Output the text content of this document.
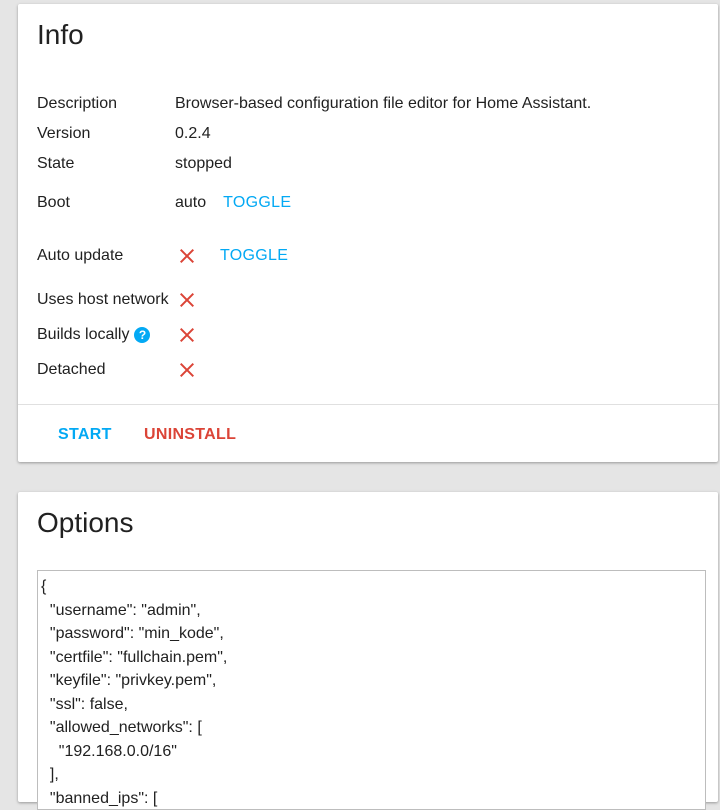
Info
Description	Browser-based configuration file editor for Home Assistant.
Version	0.2.4
State	stopped
Boot	auto TOGGLE
Auto update	TOGGLE
Uses host network
Builds locally ?
Detached
START UNINSTALL
Options
{
"username": "admin",
"password": "min_kode",
"certfile": "fullchain.pem",
"keyfile": "privkey.pem",
"ssl": false,
"allowed_networks": [
"192.168.0.0/16"
],
"banned_ips": [
